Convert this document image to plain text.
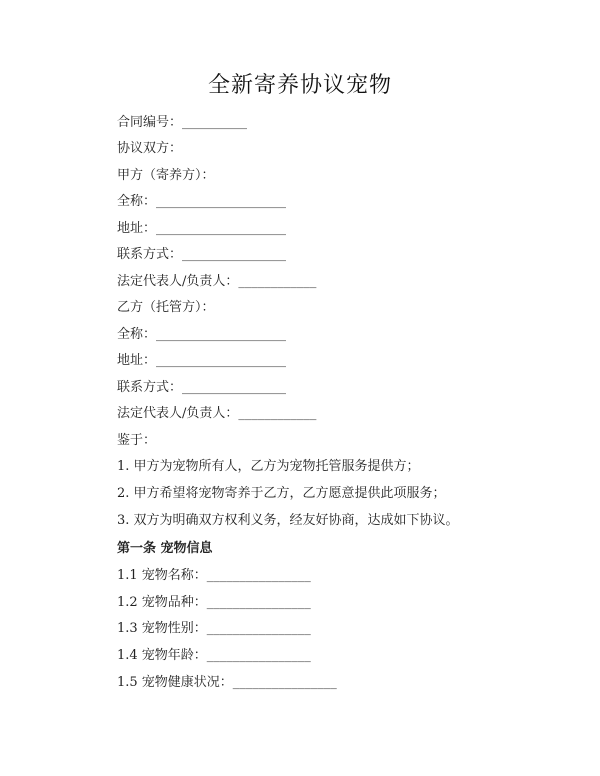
全新寄养协议宠物
合同编号：__________
协议双方：
甲方（寄养方）：
全称：____________________
地址：____________________
联系方式：________________
法定代表人/负责人：____________
乙方（托管方）：
全称：____________________
地址：____________________
联系方式：________________
法定代表人/负责人：____________
鉴于：
1. 甲方为宠物所有人，乙方为宠物托管服务提供方；
2. 甲方希望将宠物寄养于乙方，乙方愿意提供此项服务；
3. 双方为明确双方权利义务，经友好协商，达成如下协议。
第一条 宠物信息
1.1 宠物名称：________________
1.2 宠物品种：________________
1.3 宠物性别：________________
1.4 宠物年龄：________________
1.5 宠物健康状况：________________
